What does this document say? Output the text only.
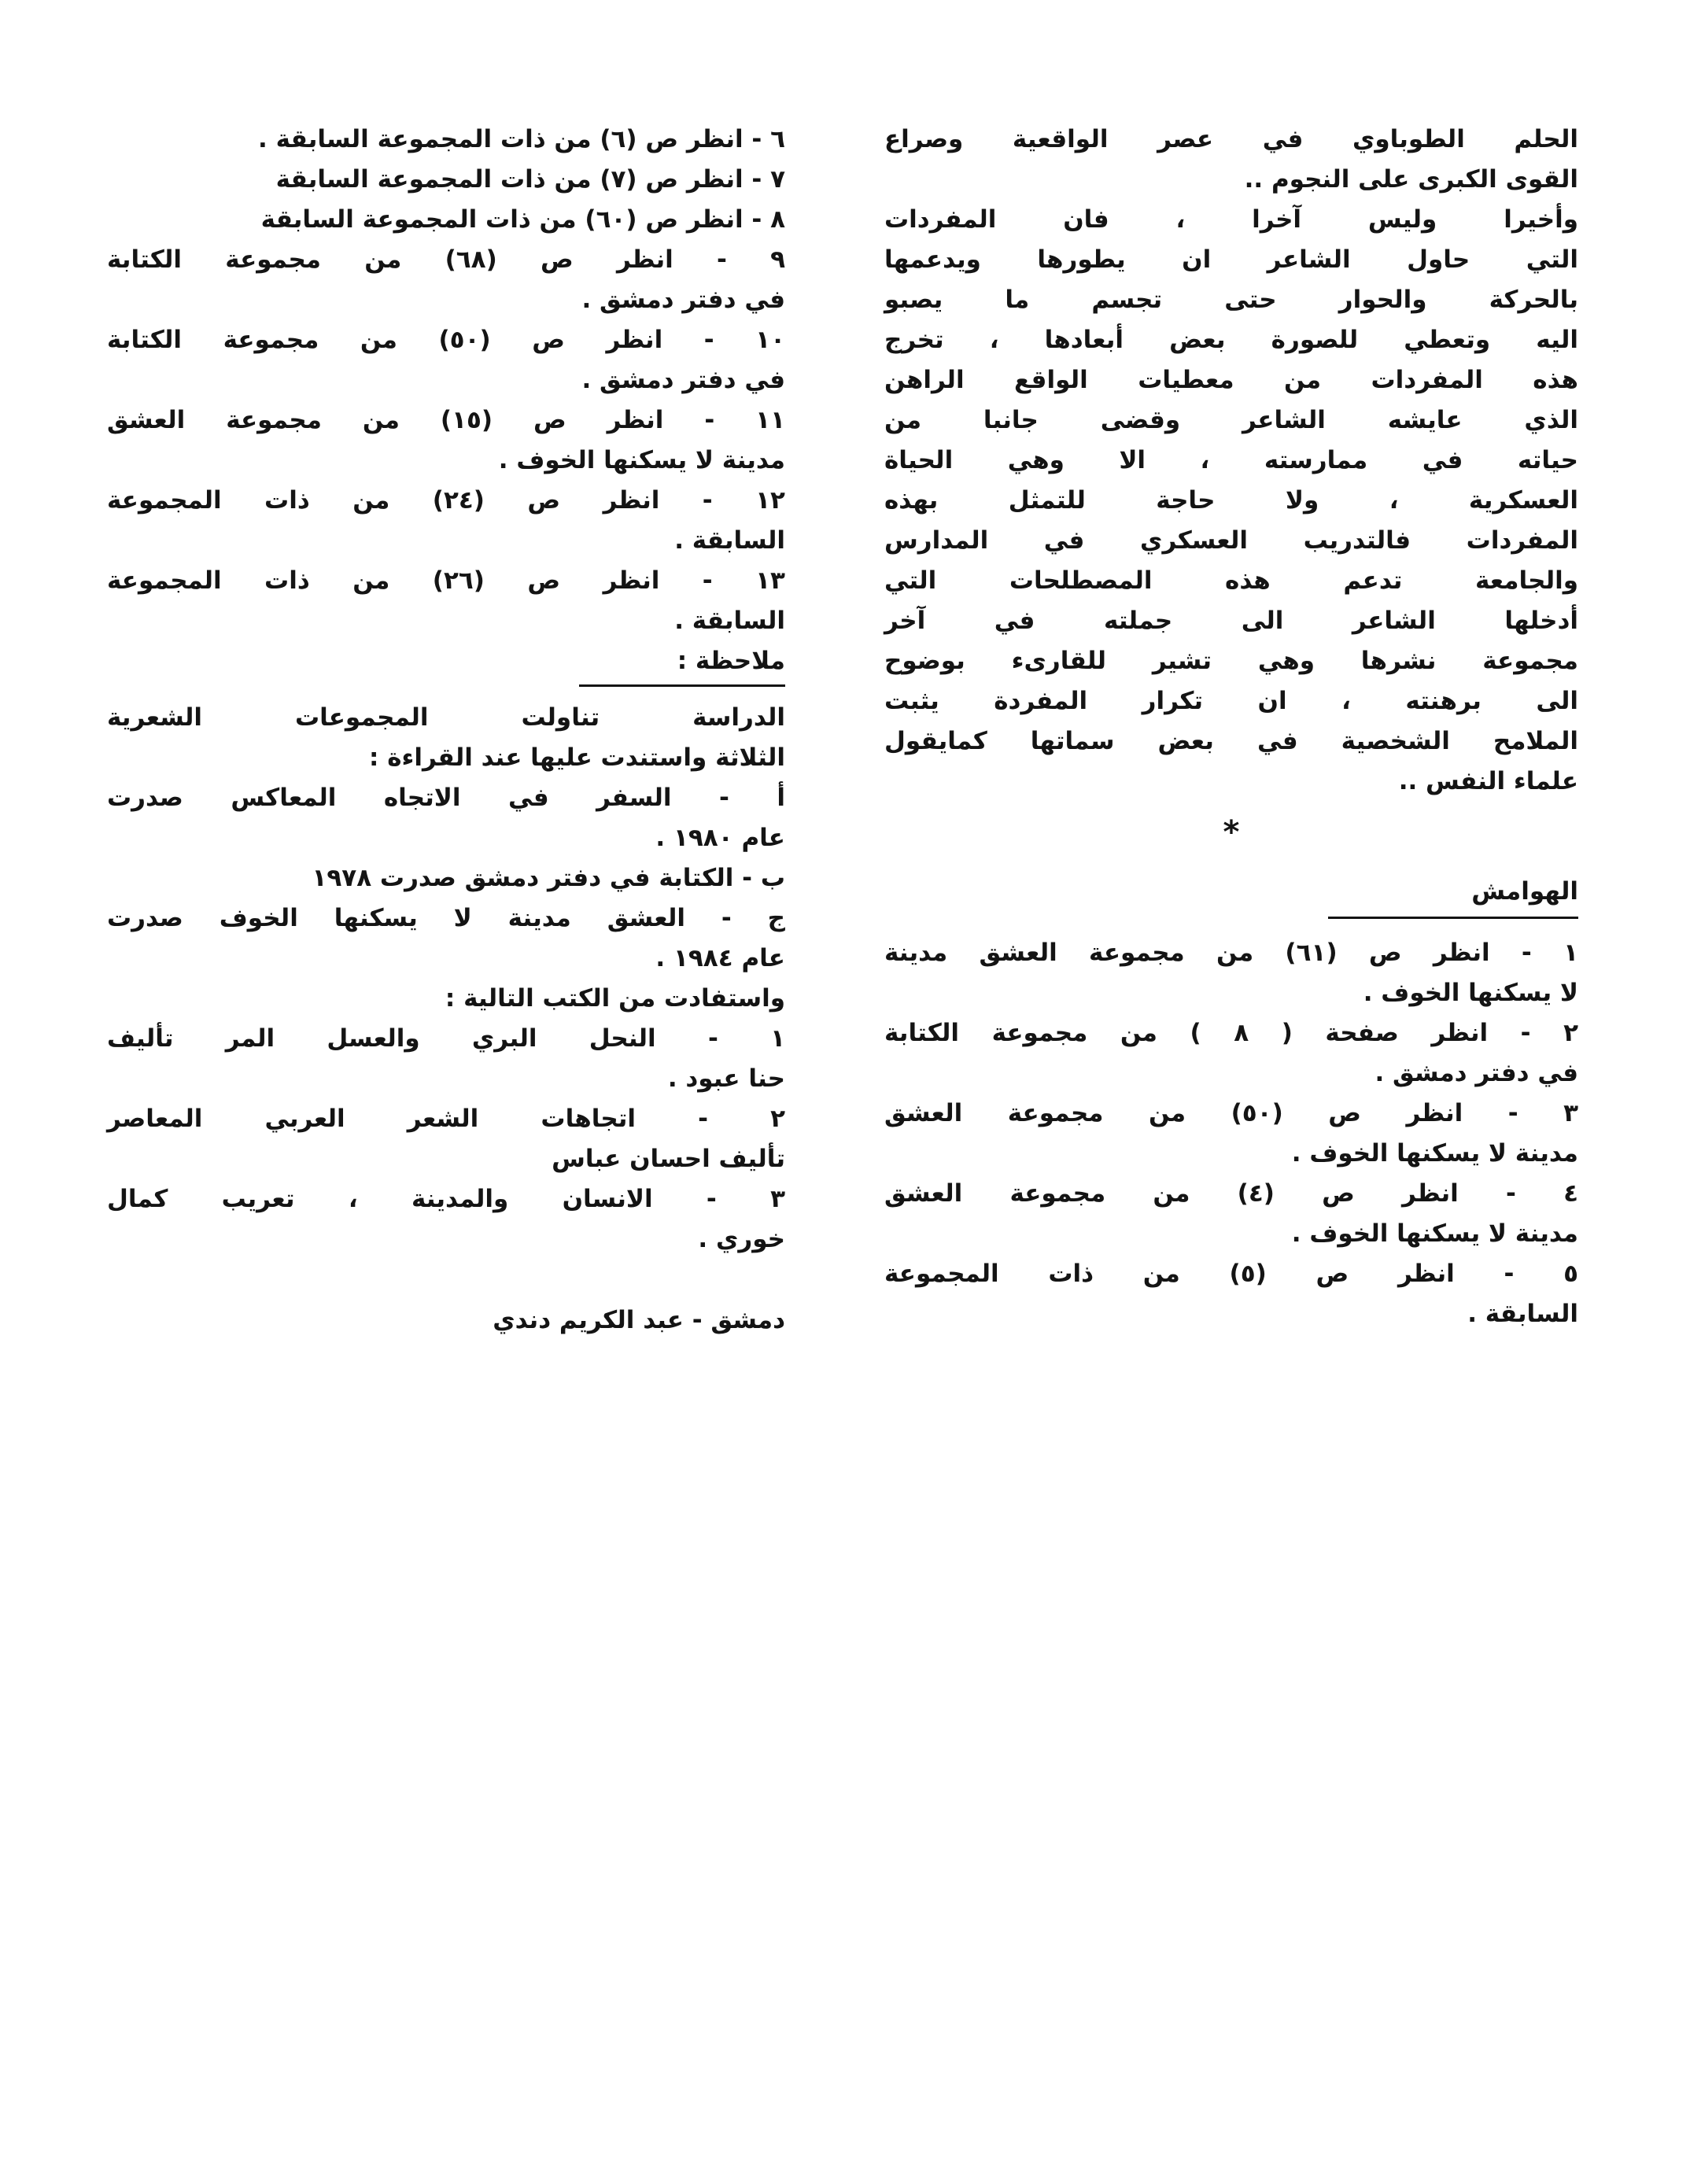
الحلم الطوباوي في عصر الواقعية وصراع

القوى الكبرى على النجوم ..

وأخيرا وليس آخرا ، فان المفردات

التي حاول الشاعر ان يطورها ويدعمها

بالحركة والحوار حتى تجسم ما يصبو

اليه وتعطي للصورة بعض أبعادها ، تخرج

هذه المفردات من معطيات الواقع الراهن

الذي عايشه الشاعر وقضى جانبا من

حياته في ممارسته ، الا وهي الحياة

العسكرية ، ولا حاجة للتمثل بهذه

المفردات فالتدريب العسكري في المدارس

والجامعة تدعم هذه المصطلحات التي

أدخلها الشاعر الى جملته في آخر

مجموعة نشرها وهي تشير للقارىء بوضوح

الى برهنته ، ان تكرار المفردة يثبت

الملامح الشخصية في بعض سماتها كمايقول

علماء النفس ..

*

الهوامش

١ - انظر ص (٦١) من مجموعة العشق مدينة

لا يسكنها الخوف .

٢ - انظر صفحة ( ٨ ) من مجموعة الكتابة

في دفتر دمشق .

٣ - انظر ص (٥٠) من مجموعة العشق

مدينة لا يسكنها الخوف .

٤ - انظر ص (٤) من مجموعة العشق

مدينة لا يسكنها الخوف .

٥ - انظر ص (٥) من ذات المجموعة

السابقة .

٦ - انظر ص (٦) من ذات المجموعة السابقة .

٧ - انظر ص (٧) من ذات المجموعة السابقة

٨ - انظر ص (٦٠) من ذات المجموعة السابقة

٩ - انظر ص (٦٨) من مجموعة الكتابة

في دفتر دمشق .

١٠ - انظر ص (٥٠) من مجموعة الكتابة

في دفتر دمشق .

١١ - انظر ص (١٥) من مجموعة العشق

مدينة لا يسكنها الخوف .

١٢ - انظر ص (٢٤) من ذات المجموعة

السابقة .

١٣ - انظر ص (٢٦) من ذات المجموعة

السابقة .

ملاحظة :

الدراسة تناولت المجموعات الشعرية

الثلاثة واستندت عليها عند القراءة :

أ - السفر في الاتجاه المعاكس صدرت

عام ١٩٨٠ .

ب - الكتابة في دفتر دمشق صدرت ١٩٧٨

ج - العشق مدينة لا يسكنها الخوف صدرت

عام ١٩٨٤ .

واستفادت من الكتب التالية :

١ - النحل البري والعسل المر تأليف

حنا عبود .

٢ - اتجاهات الشعر العربي المعاصر

تأليف احسان عباس

٣ - الانسان والمدينة ، تعريب كمال

خوري .

دمشق - عبد الكريم دندي
